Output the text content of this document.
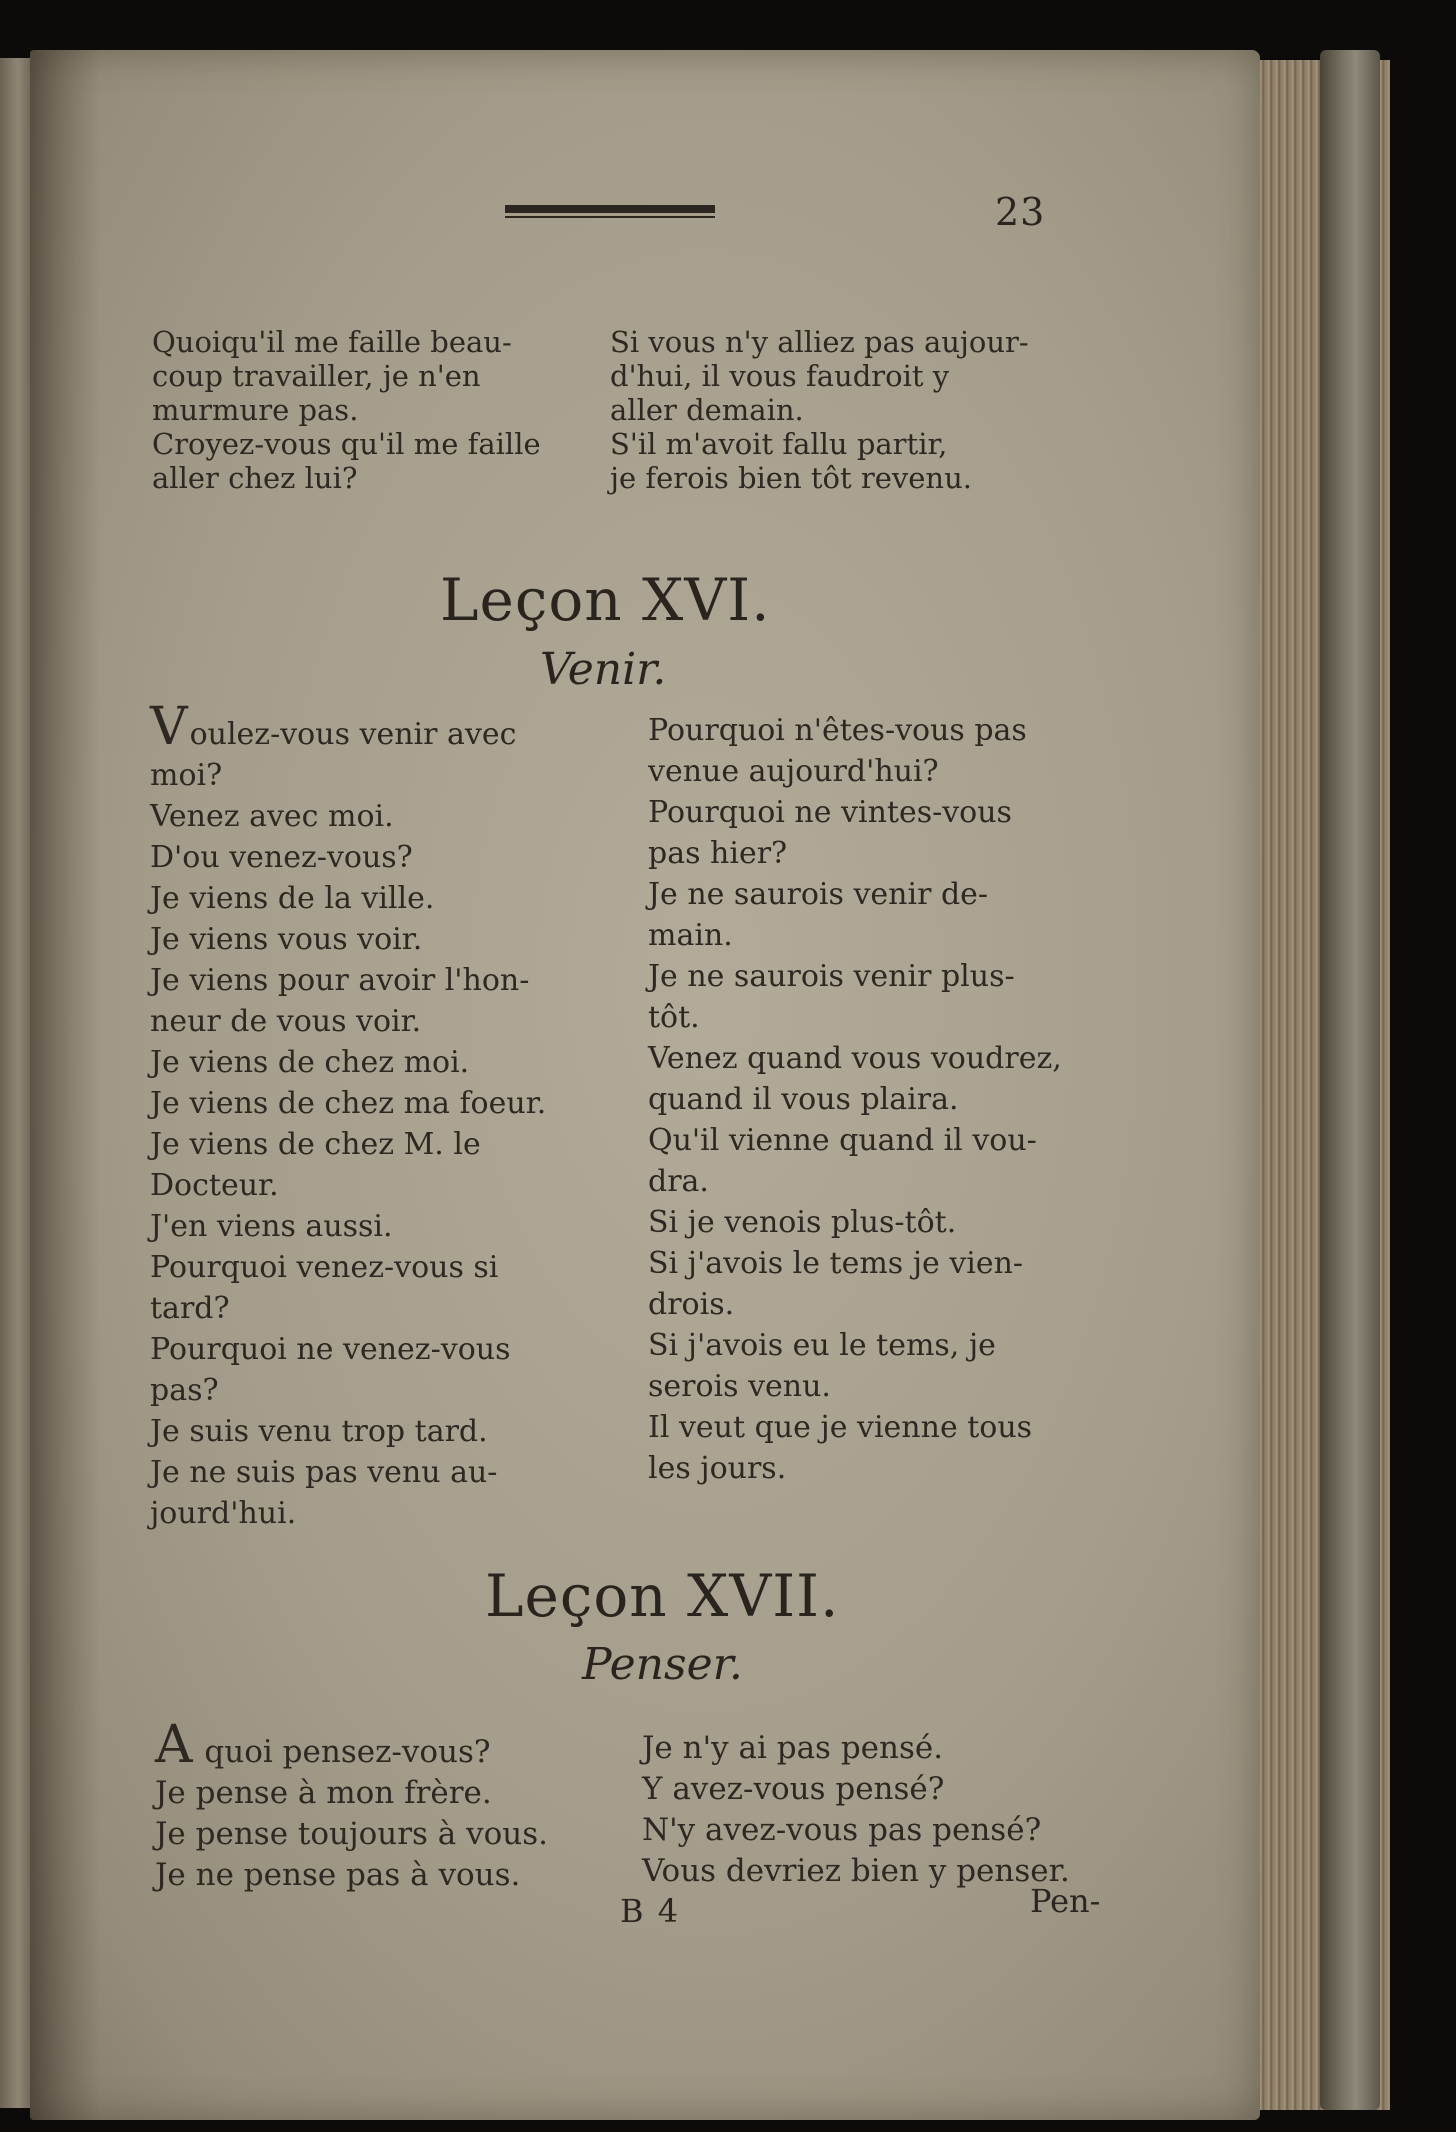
23
Quoiqu'il me faille beau-
coup travailler, je n'en
murmure pas.
Croyez-vous qu'il me faille
aller chez lui?
Si vous n'y alliez pas aujour-
d'hui, il vous faudroit y
aller demain.
S'il m'avoit fallu partir,
je ferois bien tôt revenu.
Leçon XVI.
Venir.
Voulez-vous venir avec
moi?
Venez avec moi.
D'ou venez-vous?
Je viens de la ville.
Je viens vous voir.
Je viens pour avoir l'hon-
neur de vous voir.
Je viens de chez moi.
Je viens de chez ma foeur.
Je viens de chez M. le
Docteur.
J'en viens aussi.
Pourquoi venez-vous si
tard?
Pourquoi ne venez-vous
pas?
Je suis venu trop tard.
Je ne suis pas venu au-
jourd'hui.
Pourquoi n'êtes-vous pas
venue aujourd'hui?
Pourquoi ne vintes-vous
pas hier?
Je ne saurois venir de-
main.
Je ne saurois venir plus-
tôt.
Venez quand vous voudrez,
quand il vous plaira.
Qu'il vienne quand il vou-
dra.
Si je venois plus-tôt.
Si j'avois le tems je vien-
drois.
Si j'avois eu le tems, je
serois venu.
Il veut que je vienne tous
les jours.
Leçon XVII.
Penser.
A quoi pensez-vous?
Je pense à mon frère.
Je pense toujours à vous.
Je ne pense pas à vous.
Je n'y ai pas pensé.
Y avez-vous pensé?
N'y avez-vous pas pensé?
Vous devriez bien y penser.
B 4	Pen-
